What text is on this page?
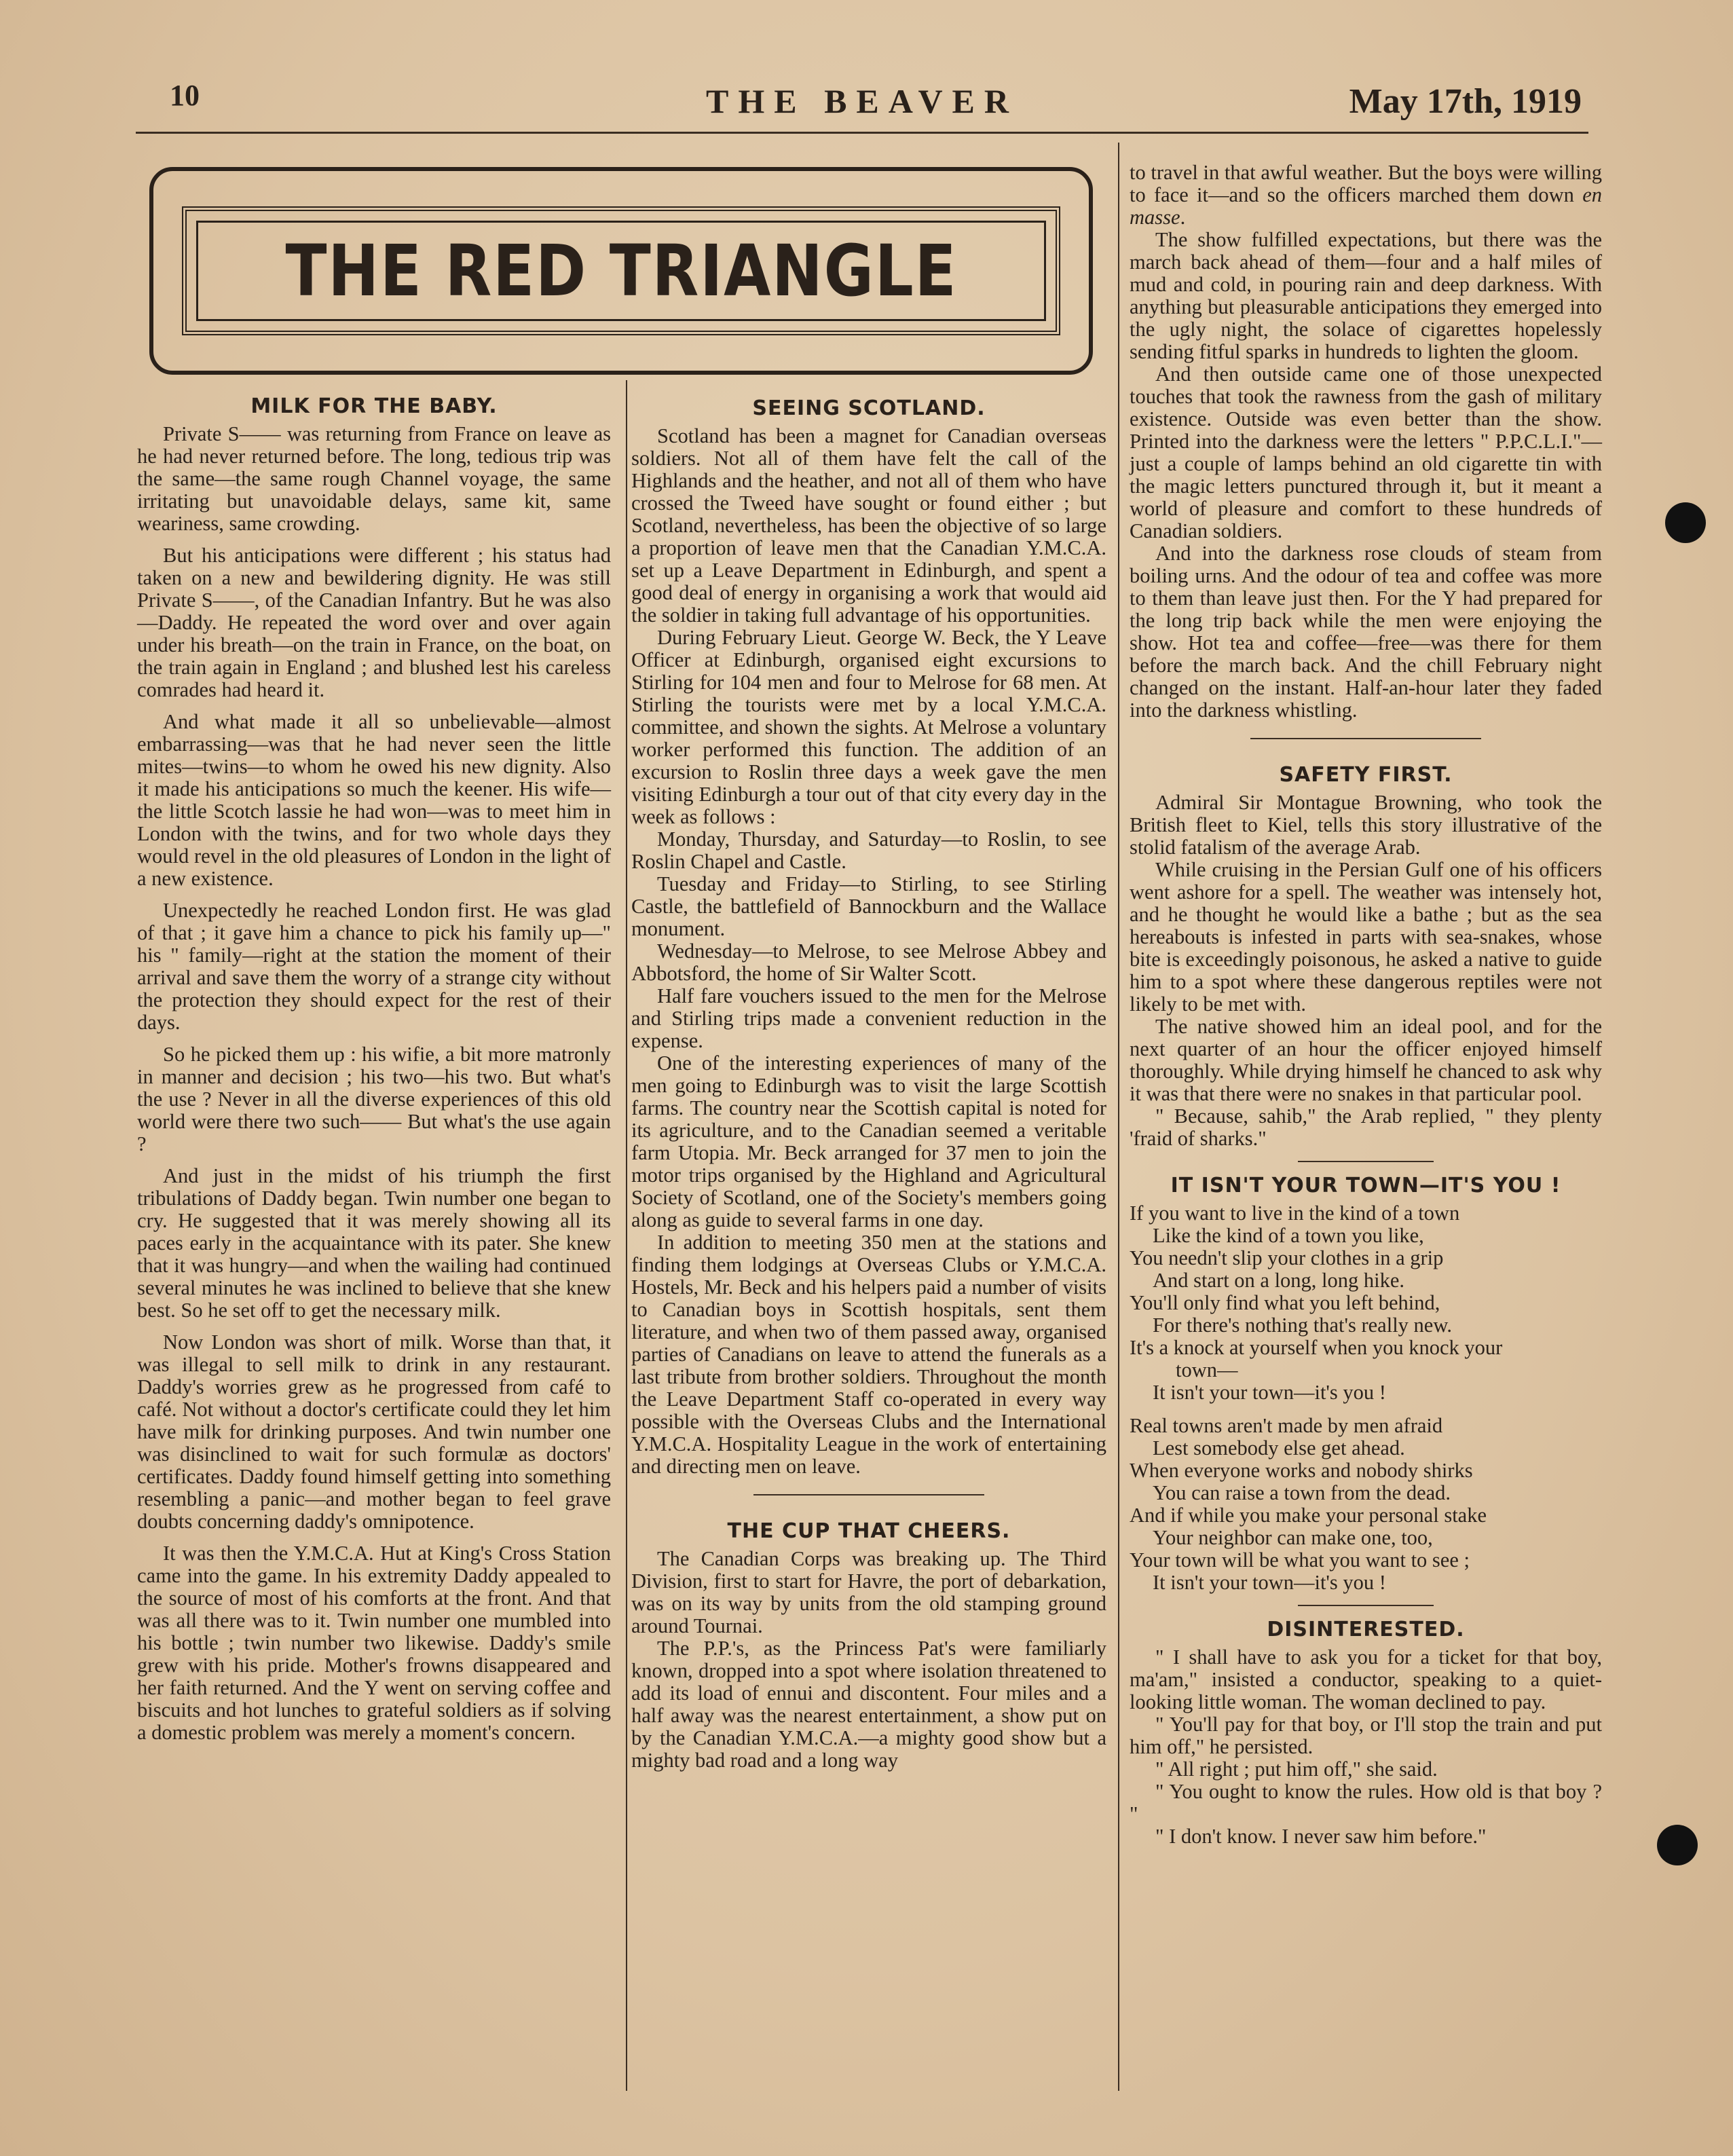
10	THE BEAVER	May 17th, 1919
THE RED TRIANGLE
MILK FOR THE BABY.

Private S—— was returning from France on leave as he had never returned before. The long, tedious trip was the same—the same rough Channel voyage, the same irritating but unavoidable delays, same kit, same weariness, same crowding.

But his anticipations were different ; his status had taken on a new and bewildering dignity. He was still Private S——, of the Canadian Infantry. But he was also—Daddy. He repeated the word over and over again under his breath—on the train in France, on the boat, on the train again in England ; and blushed lest his careless comrades had heard it.

And what made it all so unbelievable—almost embarrassing—was that he had never seen the little mites—twins—to whom he owed his new dignity. Also it made his anticipations so much the keener. His wife—the little Scotch lassie he had won—was to meet him in London with the twins, and for two whole days they would revel in the old pleasures of London in the light of a new existence.

Unexpectedly he reached London first. He was glad of that ; it gave him a chance to pick his family up—" his " family—right at the station the moment of their arrival and save them the worry of a strange city without the protection they should expect for the rest of their days.

So he picked them up : his wifie, a bit more matronly in manner and decision ; his two—his two. But what's the use ? Never in all the diverse experiences of this old world were there two such—— But what's the use again ?

And just in the midst of his triumph the first tribulations of Daddy began. Twin number one began to cry. He suggested that it was merely showing all its paces early in the acquaintance with its pater. She knew that it was hungry—and when the wailing had continued several minutes he was inclined to believe that she knew best. So he set off to get the necessary milk.

Now London was short of milk. Worse than that, it was illegal to sell milk to drink in any restaurant. Daddy's worries grew as he progressed from café to café. Not without a doctor's certificate could they let him have milk for drinking purposes. And twin number one was disinclined to wait for such formulæ as doctors' certificates. Daddy found himself getting into something resembling a panic—and mother began to feel grave doubts concerning daddy's omnipotence.

It was then the Y.M.C.A. Hut at King's Cross Station came into the game. In his extremity Daddy appealed to the source of most of his comforts at the front. And that was all there was to it. Twin number one mumbled into his bottle ; twin number two likewise. Daddy's smile grew with his pride. Mother's frowns disappeared and her faith returned. And the Y went on serving coffee and biscuits and hot lunches to grateful soldiers as if solving a domestic problem was merely a moment's concern.

SEEING SCOTLAND.

Scotland has been a magnet for Canadian overseas soldiers. Not all of them have felt the call of the Highlands and the heather, and not all of them who have crossed the Tweed have sought or found either ; but Scotland, nevertheless, has been the objective of so large a proportion of leave men that the Canadian Y.M.C.A. set up a Leave Department in Edinburgh, and spent a good deal of energy in organising a work that would aid the soldier in taking full advantage of his opportunities.

During February Lieut. George W. Beck, the Y Leave Officer at Edinburgh, organised eight excursions to Stirling for 104 men and four to Melrose for 68 men. At Stirling the tourists were met by a local Y.M.C.A. committee, and shown the sights. At Melrose a voluntary worker performed this function. The addition of an excursion to Roslin three days a week gave the men visiting Edinburgh a tour out of that city every day in the week as follows :

Monday, Thursday, and Saturday—to Roslin, to see Roslin Chapel and Castle.

Tuesday and Friday—to Stirling, to see Stirling Castle, the battlefield of Bannockburn and the Wallace monument.

Wednesday—to Melrose, to see Melrose Abbey and Abbotsford, the home of Sir Walter Scott.

Half fare vouchers issued to the men for the Melrose and Stirling trips made a convenient reduction in the expense.

One of the interesting experiences of many of the men going to Edinburgh was to visit the large Scottish farms. The country near the Scottish capital is noted for its agriculture, and to the Canadian seemed a veritable farm Utopia. Mr. Beck arranged for 37 men to join the motor trips organised by the Highland and Agricultural Society of Scotland, one of the Society's members going along as guide to several farms in one day.

In addition to meeting 350 men at the stations and finding them lodgings at Overseas Clubs or Y.M.C.A. Hostels, Mr. Beck and his helpers paid a number of visits to Canadian boys in Scottish hospitals, sent them literature, and when two of them passed away, organised parties of Canadians on leave to attend the funerals as a last tribute from brother soldiers. Throughout the month the Leave Department Staff co-operated in every way possible with the Overseas Clubs and the International Y.M.C.A. Hospitality League in the work of entertaining and directing men on leave.

THE CUP THAT CHEERS.

The Canadian Corps was breaking up. The Third Division, first to start for Havre, the port of debarkation, was on its way by units from the old stamping ground around Tournai.

The P.P.'s, as the Princess Pat's were familiarly known, dropped into a spot where isolation threatened to add its load of ennui and discontent. Four miles and a half away was the nearest entertainment, a show put on by the Canadian Y.M.C.A.—a mighty good show but a mighty bad road and a long way

to travel in that awful weather. But the boys were willing to face it—and so the officers marched them down en masse.

The show fulfilled expectations, but there was the march back ahead of them—four and a half miles of mud and cold, in pouring rain and deep darkness. With anything but pleasurable anticipations they emerged into the ugly night, the solace of cigarettes hopelessly sending fitful sparks in hundreds to lighten the gloom.

And then outside came one of those unexpected touches that took the rawness from the gash of military existence. Outside was even better than the show. Printed into the darkness were the letters " P.P.C.L.I."—just a couple of lamps behind an old cigarette tin with the magic letters punctured through it, but it meant a world of pleasure and comfort to these hundreds of Canadian soldiers.

And into the darkness rose clouds of steam from boiling urns. And the odour of tea and coffee was more to them than leave just then. For the Y had prepared for the long trip back while the men were enjoying the show. Hot tea and coffee—free—was there for them before the march back. And the chill February night changed on the instant. Half-an-hour later they faded into the darkness whistling.

SAFETY FIRST.

Admiral Sir Montague Browning, who took the British fleet to Kiel, tells this story illustrative of the stolid fatalism of the average Arab.

While cruising in the Persian Gulf one of his officers went ashore for a spell. The weather was intensely hot, and he thought he would like a bathe ; but as the sea hereabouts is infested in parts with sea-snakes, whose bite is exceedingly poisonous, he asked a native to guide him to a spot where these dangerous reptiles were not likely to be met with.

The native showed him an ideal pool, and for the next quarter of an hour the officer enjoyed himself thoroughly. While drying himself he chanced to ask why it was that there were no snakes in that particular pool.

" Because, sahib," the Arab replied, " they plenty 'fraid of sharks."

IT ISN'T YOUR TOWN—IT'S YOU !
If you want to live in the kind of a town
Like the kind of a town you like,
You needn't slip your clothes in a grip
And start on a long, long hike.
You'll only find what you left behind,
For there's nothing that's really new.
It's a knock at yourself when you knock your
town—
It isn't your town—it's you !
Real towns aren't made by men afraid
Lest somebody else get ahead.
When everyone works and nobody shirks
You can raise a town from the dead.
And if while you make your personal stake
Your neighbor can make one, too,
Your town will be what you want to see ;
It isn't your town—it's you !
DISINTERESTED.

" I shall have to ask you for a ticket for that boy, ma'am," insisted a conductor, speaking to a quiet-looking little woman. The woman declined to pay.

" You'll pay for that boy, or I'll stop the train and put him off," he persisted.

" All right ; put him off," she said.

" You ought to know the rules. How old is that boy ? "

" I don't know. I never saw him before."
